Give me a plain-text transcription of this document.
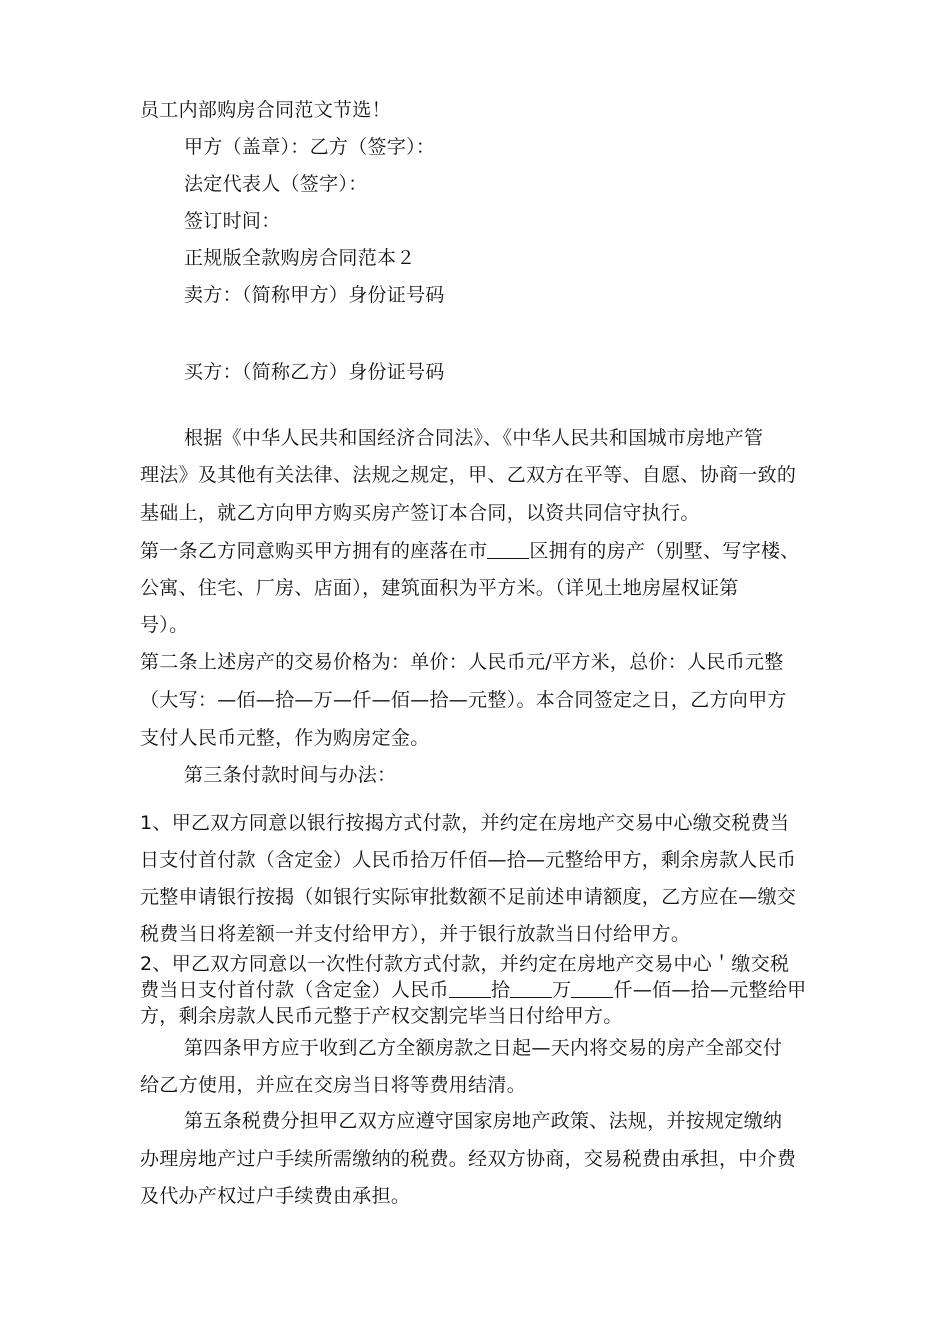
员工内部购房合同范文节选！
甲方（盖章）：乙方（签字）：
法定代表人（签字）：
签订时间：
正规版全款购房合同范本２
卖方：（简称甲方）身份证号码
买方：（简称乙方）身份证号码
根据《中华人民共和国经济合同法》、《中华人民共和国城市房地产管
理法》及其他有关法律、法规之规定，甲、乙双方在平等、自愿、协商一致的
基础上，就乙方向甲方购买房产签订本合同，以资共同信守执行。
第一条乙方同意购买甲方拥有的座落在市 区拥有的房产（别墅、写字楼、
公寓、住宅、厂房、店面），建筑面积为平方米。（详见土地房屋权证第
号）。
第二条上述房产的交易价格为：单价：人民币元/平方米，总价：人民币元整
（大写：—佰—拾—万—仟—佰—拾—元整）。本合同签定之日，乙方向甲方
支付人民币元整，作为购房定金。
第三条付款时间与办法：
1、甲乙双方同意以银行按揭方式付款，并约定在房地产交易中心缴交税费当
日支付首付款（含定金）人民币拾万仟佰—拾—元整给甲方，剩余房款人民币
元整申请银行按揭（如银行实际审批数额不足前述申请额度，乙方应在—缴交
税费当日将差额一并支付给甲方），并于银行放款当日付给甲方。
2、甲乙双方同意以一次性付款方式付款，并约定在房地产交易中心＇缴交税
费当日支付首付款（含定金）人民币 拾 万 仟—佰—拾—元整给甲
方，剩余房款人民币元整于产权交割完毕当日付给甲方。
第四条甲方应于收到乙方全额房款之日起—天内将交易的房产全部交付
给乙方使用，并应在交房当日将等费用结清。
第五条税费分担甲乙双方应遵守国家房地产政策、法规，并按规定缴纳
办理房地产过户手续所需缴纳的税费。经双方协商，交易税费由承担，中介费
及代办产权过户手续费由承担。
